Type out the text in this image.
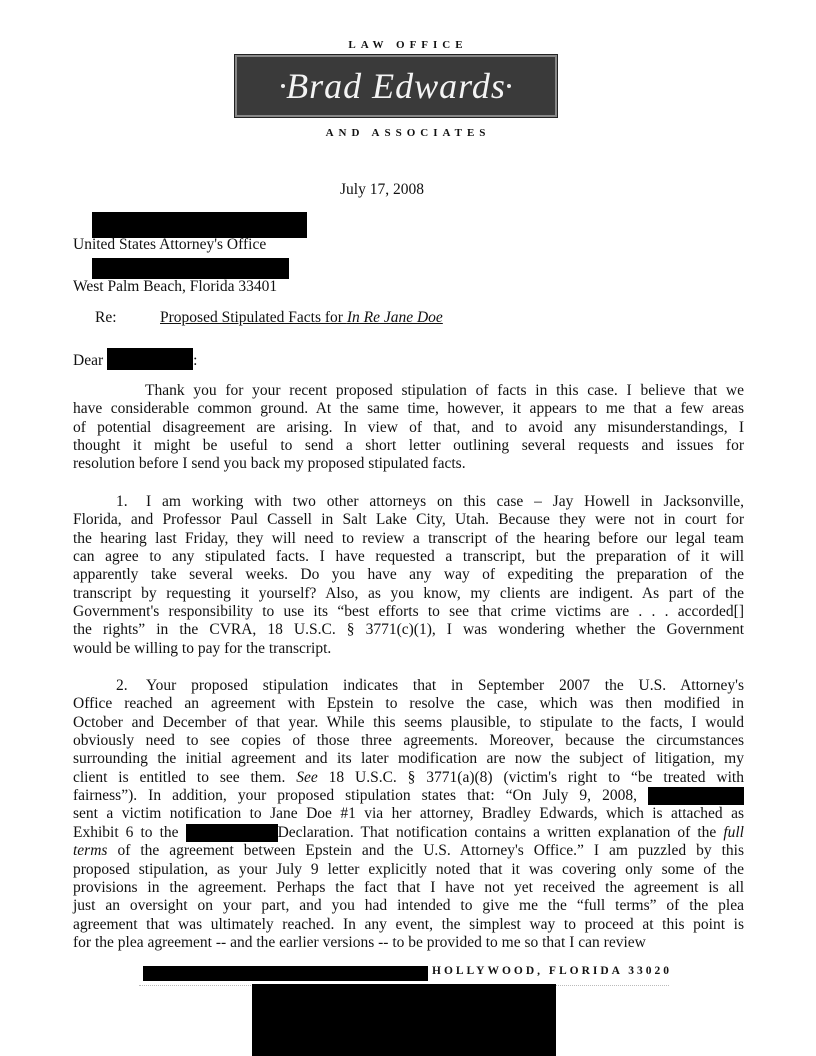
LAW OFFICE
Brad Edwards
AND ASSOCIATES
July 17, 2008
United States Attorney's Office
West Palm Beach, Florida 33401
Re:	Proposed Stipulated Facts for In Re Jane Doe
Dear	:
Thank you for your recent proposed stipulation of facts in this case. I believe that we
have considerable common ground. At the same time, however, it appears to me that a few areas
of potential disagreement are arising. In view of that, and to avoid any misunderstandings, I
thought it might be useful to send a short letter outlining several requests and issues for
resolution before I send you back my proposed stipulated facts.
1. I am working with two other attorneys on this case – Jay Howell in Jacksonville,
Florida, and Professor Paul Cassell in Salt Lake City, Utah. Because they were not in court for
the hearing last Friday, they will need to review a transcript of the hearing before our legal team
can agree to any stipulated facts. I have requested a transcript, but the preparation of it will
apparently take several weeks. Do you have any way of expediting the preparation of the
transcript by requesting it yourself? Also, as you know, my clients are indigent. As part of the
Government's responsibility to use its “best efforts to see that crime victims are . . . accorded[]
the rights” in the CVRA, 18 U.S.C. § 3771(c)(1), I was wondering whether the Government
would be willing to pay for the transcript.
2. Your proposed stipulation indicates that in September 2007 the U.S. Attorney's
Office reached an agreement with Epstein to resolve the case, which was then modified in
October and December of that year. While this seems plausible, to stipulate to the facts, I would
obviously need to see copies of those three agreements. Moreover, because the circumstances
surrounding the initial agreement and its later modification are now the subject of litigation, my
client is entitled to see them. See 18 U.S.C. § 3771(a)(8) (victim's right to “be treated with
fairness”). In addition, your proposed stipulation states that: “On July 9, 2008,
sent a victim notification to Jane Doe #1 via her attorney, Bradley Edwards, which is attached as
Exhibit 6 to the	Declaration. That notification contains a written explanation of the full
terms of the agreement between Epstein and the U.S. Attorney's Office.” I am puzzled by this
proposed stipulation, as your July 9 letter explicitly noted that it was covering only some of the
provisions in the agreement. Perhaps the fact that I have not yet received the agreement is all
just an oversight on your part, and you had intended to give me the “full terms” of the plea
agreement that was ultimately reached. In any event, the simplest way to proceed at this point is
for the plea agreement -- and the earlier versions -- to be provided to me so that I can review
HOLLYWOOD, FLORIDA 33020
